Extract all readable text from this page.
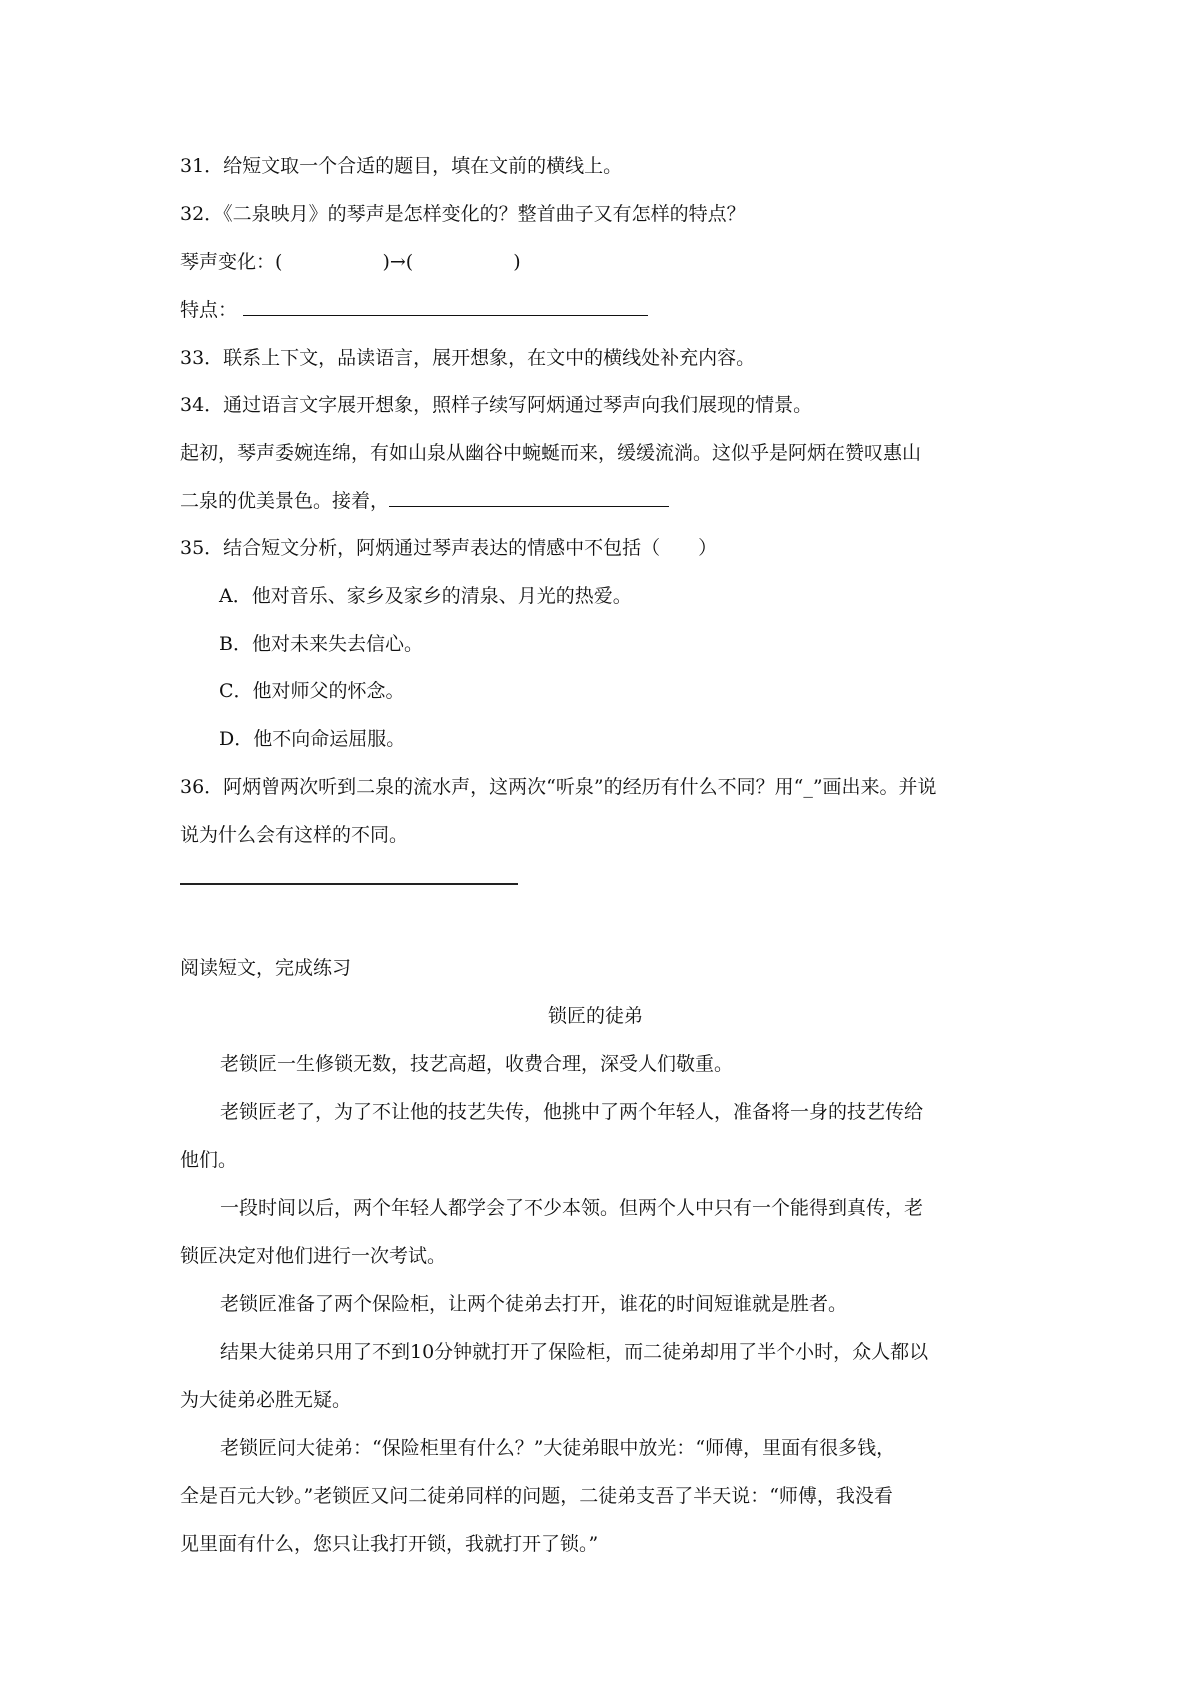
31．给短文取一个合适的题目，填在文前的横线上。
32．《二泉映月》的琴声是怎样变化的？整首曲子又有怎样的特点？
琴声变化：(	)→(	)
特点：
33．联系上下文，品读语言，展开想象，在文中的横线处补充内容。
34．通过语言文字展开想象，照样子续写阿炳通过琴声向我们展现的情景。
起初，琴声委婉连绵，有如山泉从幽谷中蜿蜒而来，缓缓流淌。这似乎是阿炳在赞叹惠山
二泉的优美景色。接着，
35．结合短文分析，阿炳通过琴声表达的情感中不包括（　　）
A．他对音乐、家乡及家乡的清泉、月光的热爱。
B．他对未来失去信心。
C．他对师父的怀念。
D．他不向命运屈服。
36．阿炳曾两次听到二泉的流水声，这两次“听泉”的经历有什么不同？用“_”画出来。并说
说为什么会有这样的不同。
阅读短文，完成练习
锁匠的徒弟
老锁匠一生修锁无数，技艺高超，收费合理，深受人们敬重。
老锁匠老了，为了不让他的技艺失传，他挑中了两个年轻人，准备将一身的技艺传给
他们。
一段时间以后，两个年轻人都学会了不少本领。但两个人中只有一个能得到真传，老
锁匠决定对他们进行一次考试。
老锁匠准备了两个保险柜，让两个徒弟去打开，谁花的时间短谁就是胜者。
结果大徒弟只用了不到10分钟就打开了保险柜，而二徒弟却用了半个小时，众人都以
为大徒弟必胜无疑。
老锁匠问大徒弟：“保险柜里有什么？”大徒弟眼中放光：“师傅，里面有很多钱，
全是百元大钞。”老锁匠又问二徒弟同样的问题，二徒弟支吾了半天说：“师傅，我没看
见里面有什么，您只让我打开锁，我就打开了锁。”
